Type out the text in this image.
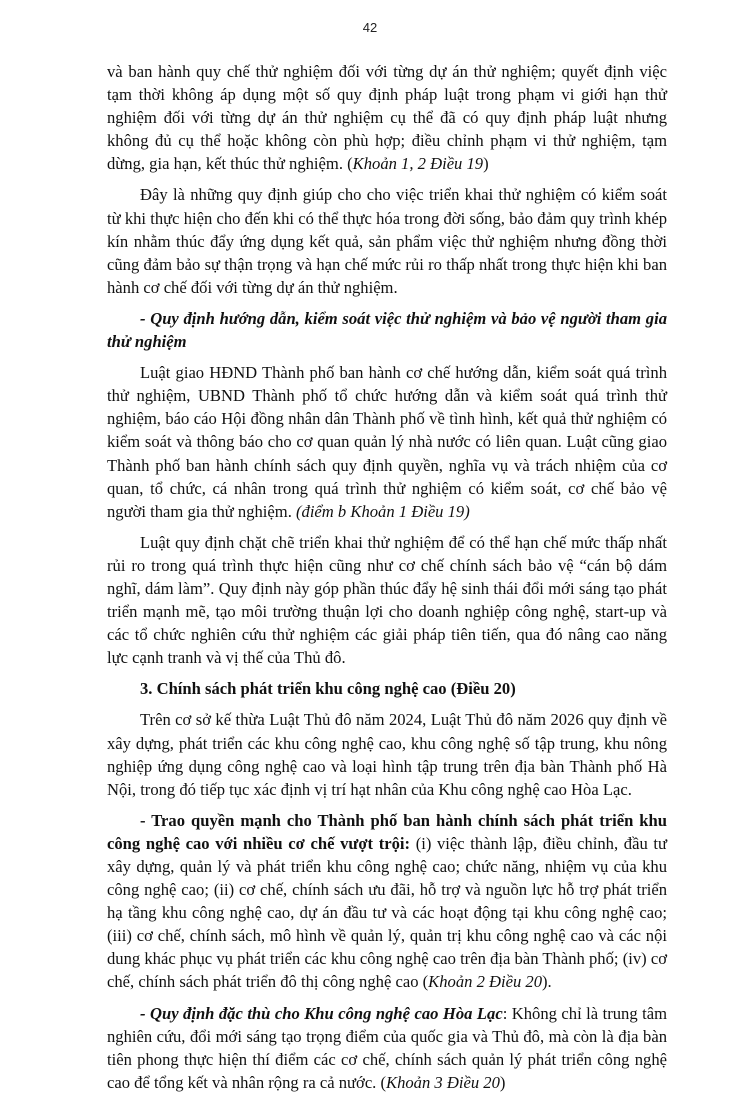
42

và ban hành quy chế thử nghiệm đối với từng dự án thử nghiệm; quyết định việc tạm thời không áp dụng một số quy định pháp luật trong phạm vi giới hạn thử nghiệm đối với từng dự án thử nghiệm cụ thể đã có quy định pháp luật nhưng không đủ cụ thể hoặc không còn phù hợp; điều chỉnh phạm vi thử nghiệm, tạm dừng, gia hạn, kết thúc thử nghiệm. (Khoản 1, 2 Điều 19)

Đây là những quy định giúp cho cho việc triển khai thử nghiệm có kiểm soát từ khi thực hiện cho đến khi có thể thực hóa trong đời sống, bảo đảm quy trình khép kín nhằm thúc đẩy ứng dụng kết quả, sản phẩm việc thử nghiệm nhưng đồng thời cũng đảm bảo sự thận trọng và hạn chế mức rủi ro thấp nhất trong thực hiện khi ban hành cơ chế đối với từng dự án thử nghiệm.

- Quy định hướng dẫn, kiểm soát việc thử nghiệm và bảo vệ người tham gia thử nghiệm

Luật giao HĐND Thành phố ban hành cơ chế hướng dẫn, kiểm soát quá trình thử nghiệm, UBND Thành phố tổ chức hướng dẫn và kiểm soát quá trình thử nghiệm, báo cáo Hội đồng nhân dân Thành phố về tình hình, kết quả thử nghiệm có kiểm soát và thông báo cho cơ quan quản lý nhà nước có liên quan. Luật cũng giao Thành phố ban hành chính sách quy định quyền, nghĩa vụ và trách nhiệm của cơ quan, tổ chức, cá nhân trong quá trình thử nghiệm có kiểm soát, cơ chế bảo vệ người tham gia thử nghiệm. (điểm b Khoản 1 Điều 19)

Luật quy định chặt chẽ triển khai thử nghiệm để có thể hạn chế mức thấp nhất rủi ro trong quá trình thực hiện cũng như cơ chế chính sách bảo vệ “cán bộ dám nghĩ, dám làm”. Quy định này góp phần thúc đẩy hệ sinh thái đổi mới sáng tạo phát triển mạnh mẽ, tạo môi trường thuận lợi cho doanh nghiệp công nghệ, start-up và các tổ chức nghiên cứu thử nghiệm các giải pháp tiên tiến, qua đó nâng cao năng lực cạnh tranh và vị thế của Thủ đô.

3. Chính sách phát triển khu công nghệ cao (Điều 20)

Trên cơ sở kế thừa Luật Thủ đô năm 2024, Luật Thủ đô năm 2026 quy định về xây dựng, phát triển các khu công nghệ cao, khu công nghệ số tập trung, khu nông nghiệp ứng dụng công nghệ cao và loại hình tập trung trên địa bàn Thành phố Hà Nội, trong đó tiếp tục xác định vị trí hạt nhân của Khu công nghệ cao Hòa Lạc.

- Trao quyền mạnh cho Thành phố ban hành chính sách phát triển khu công nghệ cao với nhiều cơ chế vượt trội: (i) việc thành lập, điều chỉnh, đầu tư xây dựng, quản lý và phát triển khu công nghệ cao; chức năng, nhiệm vụ của khu công nghệ cao; (ii) cơ chế, chính sách ưu đãi, hỗ trợ và nguồn lực hỗ trợ phát triển hạ tầng khu công nghệ cao, dự án đầu tư và các hoạt động tại khu công nghệ cao; (iii) cơ chế, chính sách, mô hình về quản lý, quản trị khu công nghệ cao và các nội dung khác phục vụ phát triển các khu công nghệ cao trên địa bàn Thành phố; (iv) cơ chế, chính sách phát triển đô thị công nghệ cao (Khoản 2 Điều 20).

- Quy định đặc thù cho Khu công nghệ cao Hòa Lạc: Không chỉ là trung tâm nghiên cứu, đổi mới sáng tạo trọng điểm của quốc gia và Thủ đô, mà còn là địa bàn tiên phong thực hiện thí điểm các cơ chế, chính sách quản lý phát triển công nghệ cao để tổng kết và nhân rộng ra cả nước. (Khoản 3 Điều 20)
